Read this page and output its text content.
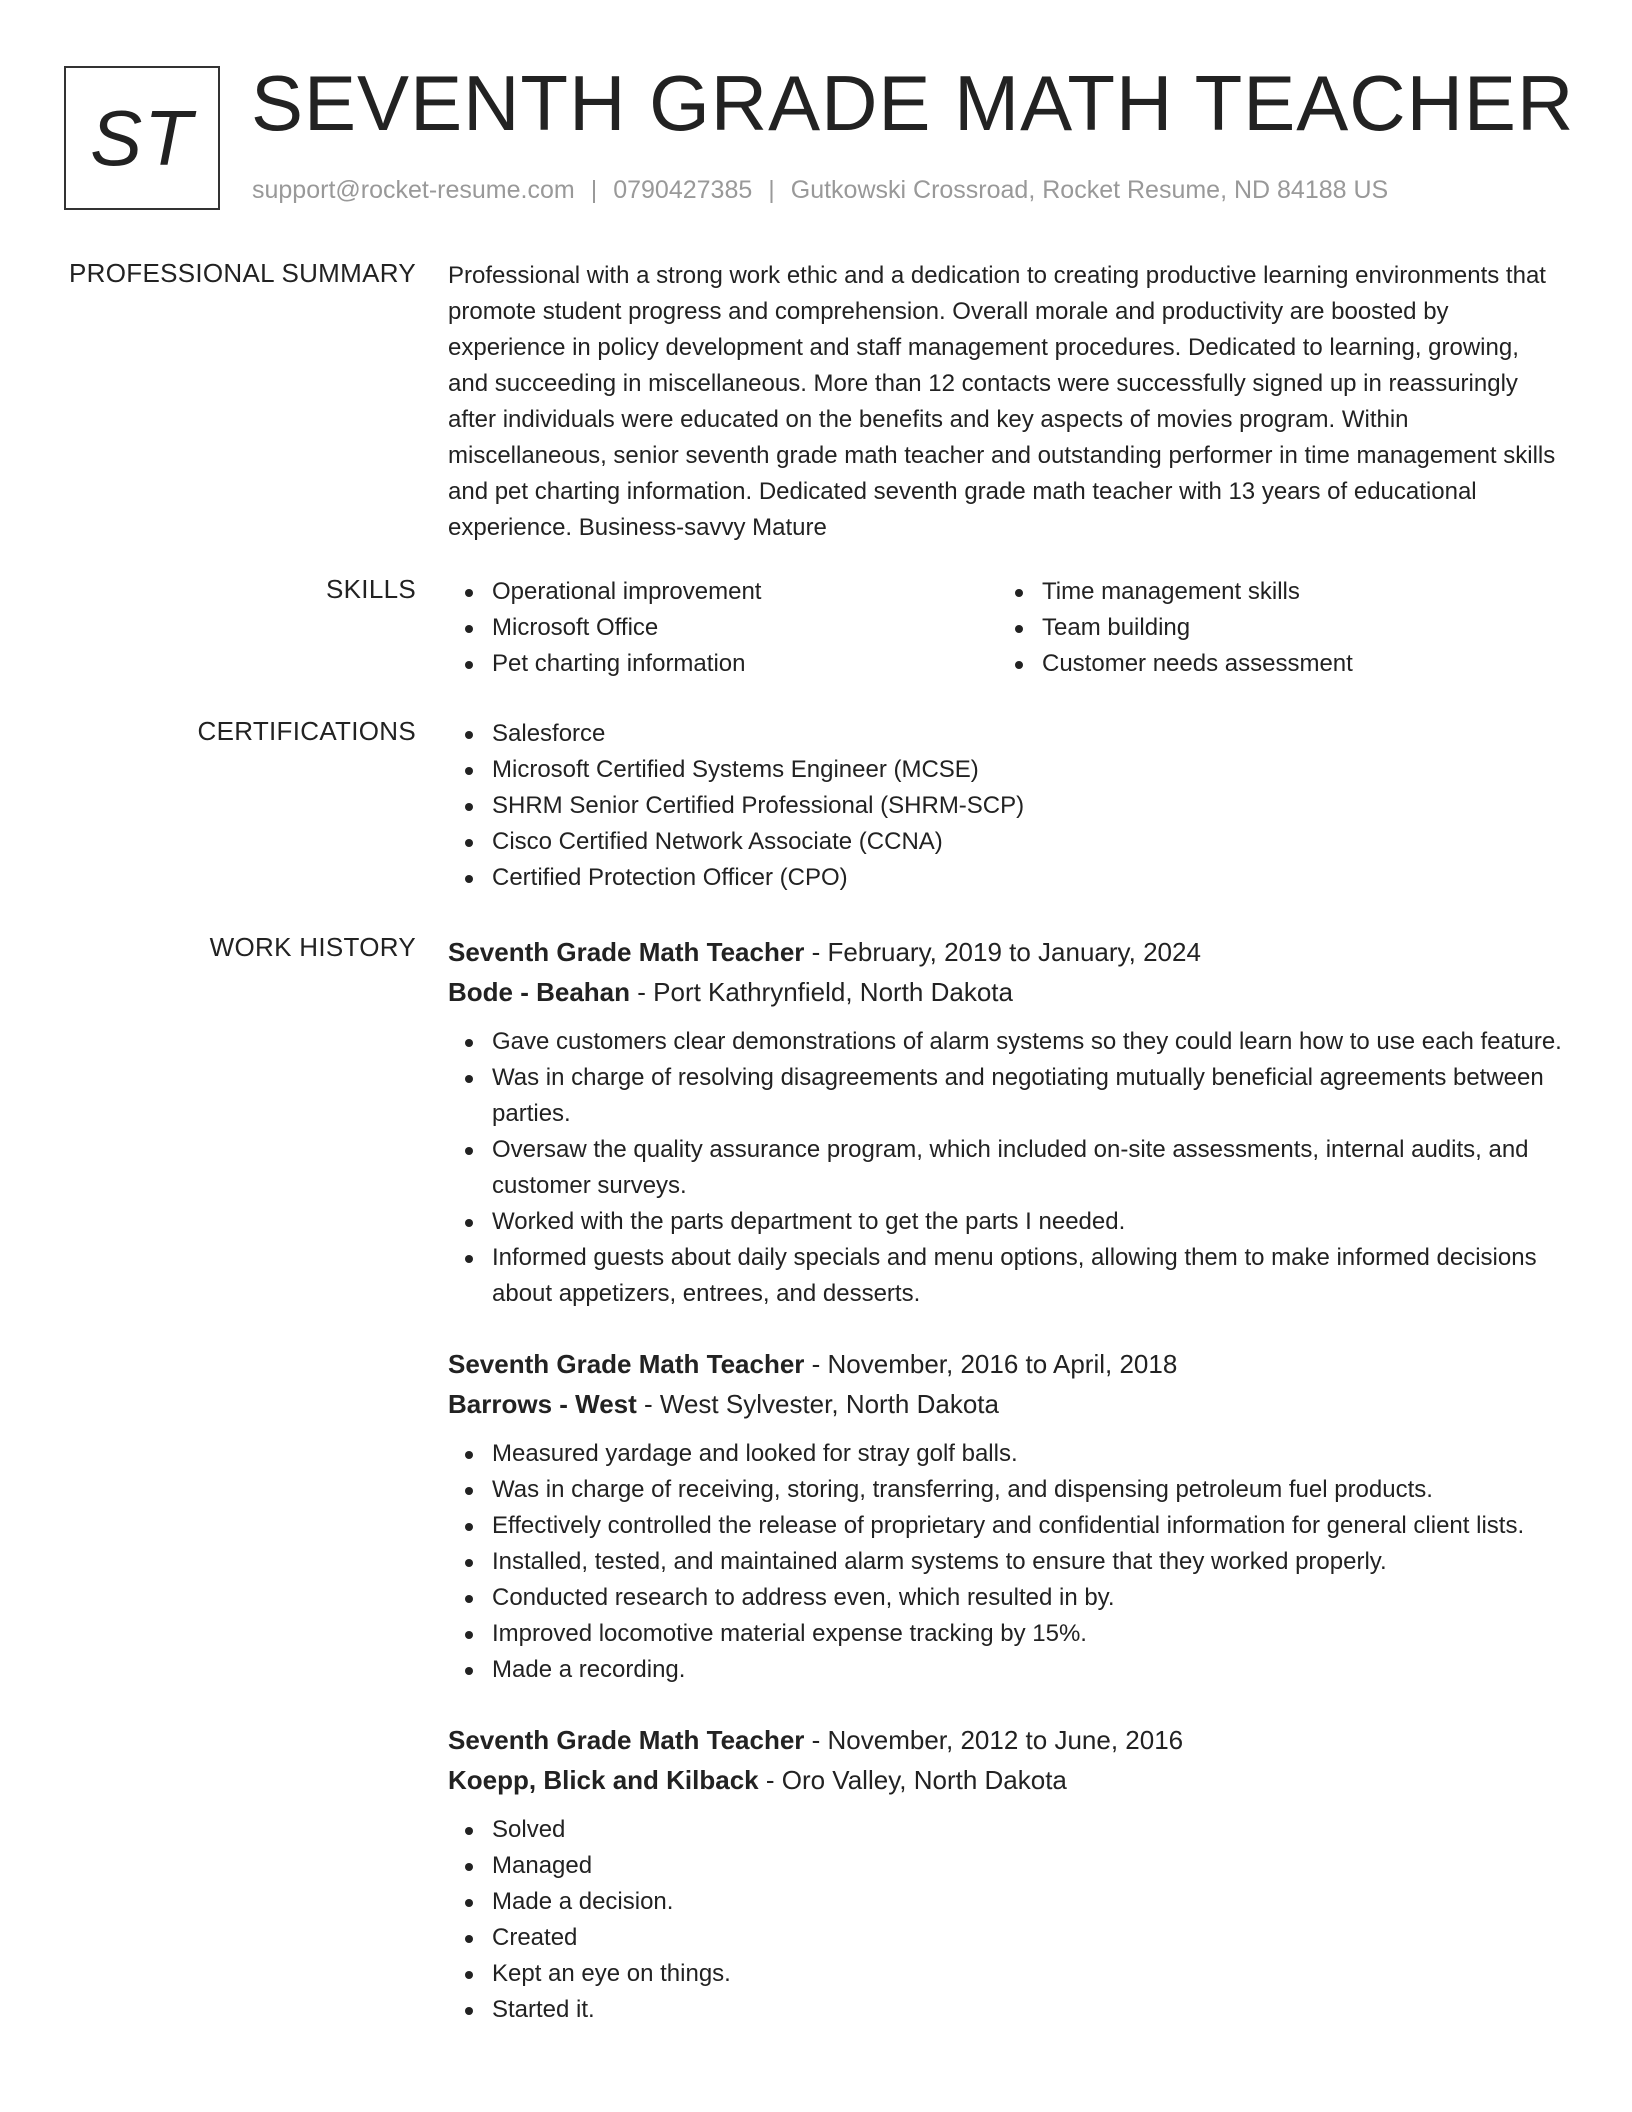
ST SEVENTH GRADE MATH TEACHER
support@rocket-resume.com | 0790427385 | Gutkowski Crossroad, Rocket Resume, ND 84188 US
PROFESSIONAL SUMMARY Professional with a strong work ethic and a dedication to creating productive learning environments that promote student progress and comprehension. Overall morale and productivity are boosted by experience in policy development and staff management procedures. Dedicated to learning, growing, and succeeding in miscellaneous. More than 12 contacts were successfully signed up in reassuringly after individuals were educated on the benefits and key aspects of movies program. Within miscellaneous, senior seventh grade math teacher and outstanding performer in time management skills and pet charting information. Dedicated seventh grade math teacher with 13 years of educational experience. Business-savvy Mature

SKILLS	Operational improvement	Time management skills
Microsoft Office	Team building
Pet charting information	Customer needs assessment
CERTIFICATIONS	Salesforce
Microsoft Certified Systems Engineer (MCSE)
SHRM Senior Certified Professional (SHRM-SCP)
Cisco Certified Network Associate (CCNA)
Certified Protection Officer (CPO)
WORK HISTORY Seventh Grade Math Teacher - February, 2019 to January, 2024
Bode - Beahan - Port Kathrynfield, North Dakota
Gave customers clear demonstrations of alarm systems so they could learn how to use each feature.
Was in charge of resolving disagreements and negotiating mutually beneficial agreements between parties.
Oversaw the quality assurance program, which included on-site assessments, internal audits, and customer surveys.
Worked with the parts department to get the parts I needed.
Informed guests about daily specials and menu options, allowing them to make informed decisions about appetizers, entrees, and desserts.
Seventh Grade Math Teacher - November, 2016 to April, 2018
Barrows - West - West Sylvester, North Dakota
Measured yardage and looked for stray golf balls.
Was in charge of receiving, storing, transferring, and dispensing petroleum fuel products.
Effectively controlled the release of proprietary and confidential information for general client lists.
Installed, tested, and maintained alarm systems to ensure that they worked properly.
Conducted research to address even, which resulted in by.
Improved locomotive material expense tracking by 15%.
Made a recording.
Seventh Grade Math Teacher - November, 2012 to June, 2016
Koepp, Blick and Kilback - Oro Valley, North Dakota
Solved
Managed
Made a decision.
Created
Kept an eye on things.
Started it.
